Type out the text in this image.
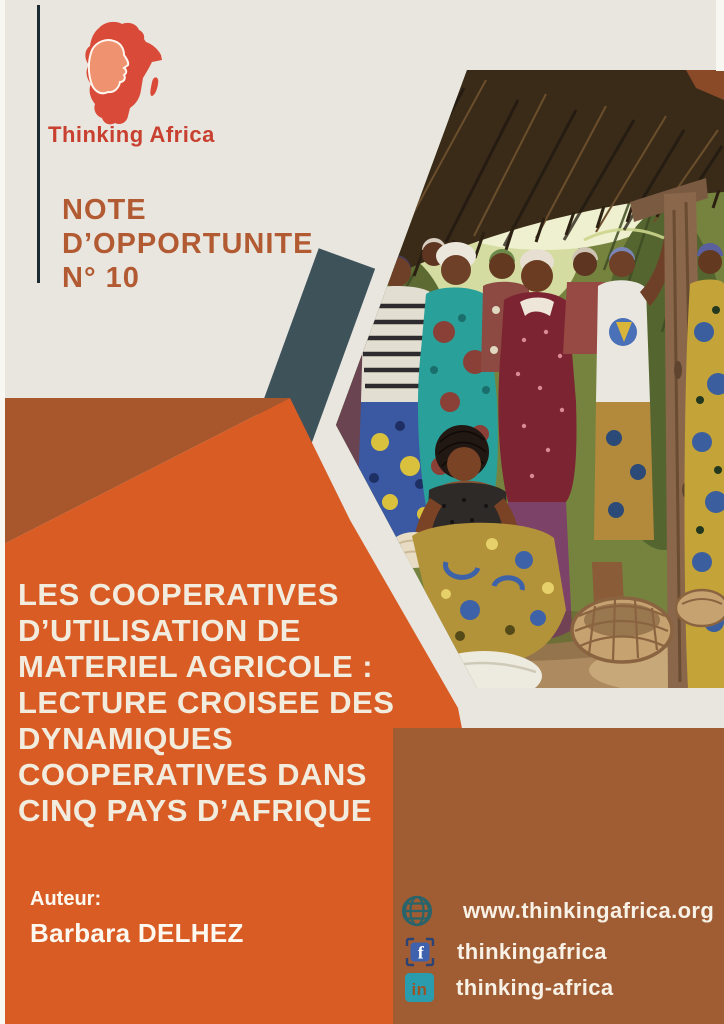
Thinking Africa
NOTE
D’OPPORTUNITE
N° 10
LES COOPERATIVES
D’UTILISATION DE
MATERIEL AGRICOLE :
LECTURE CROISEE DES
DYNAMIQUES
COOPERATIVES DANS
CINQ PAYS D’AFRIQUE
Auteur:
Barbara DELHEZ
www.thinkingafrica.org
f thinkingafrica
in thinking-africa
